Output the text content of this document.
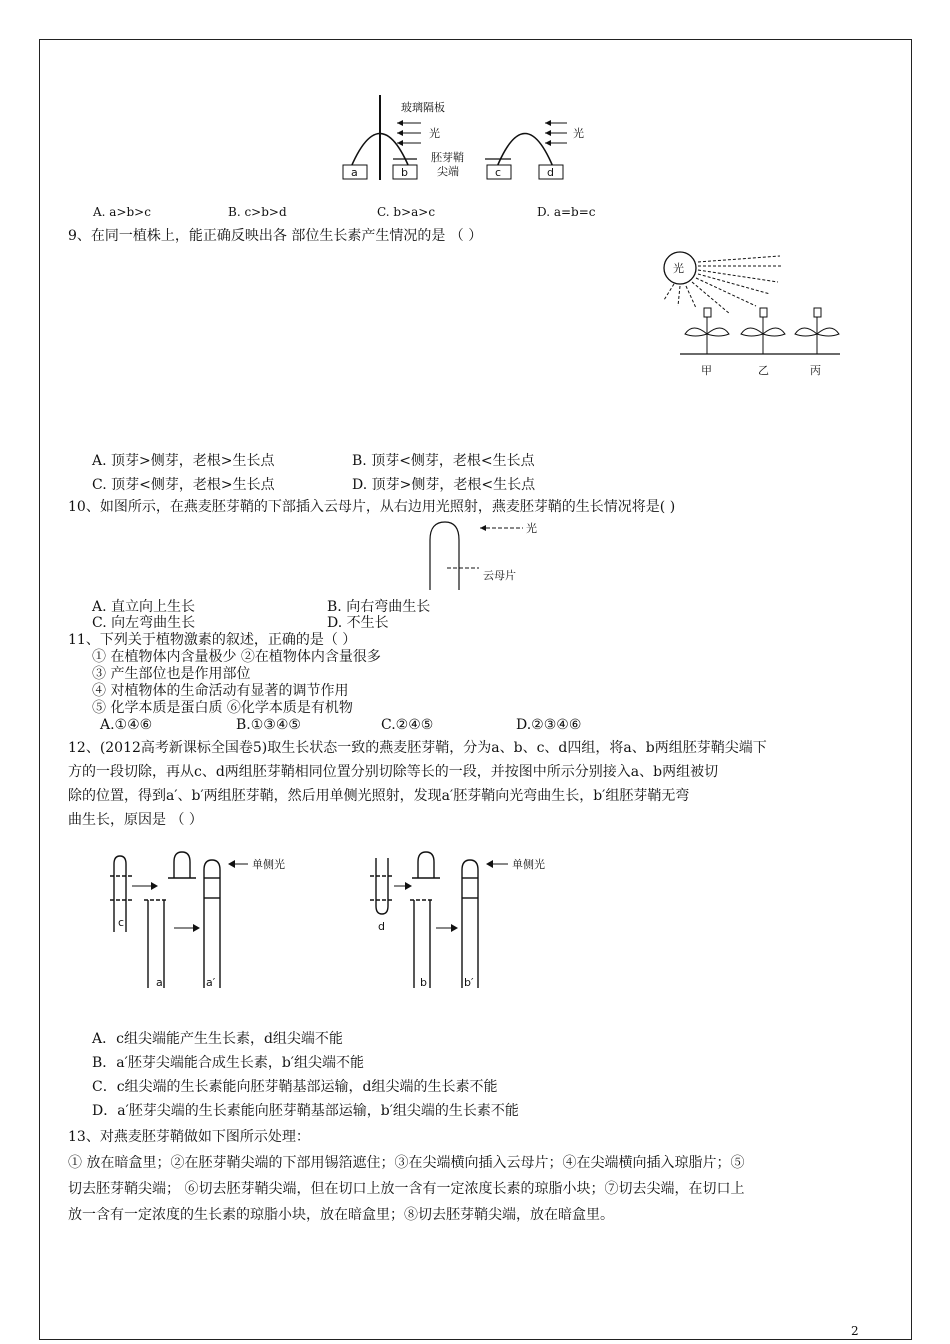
a	b
玻璃隔板
光
胚芽鞘
尖端	c	d
光
A. a>b>c	B. c>b>d	C. b>a>c	D. a=b=c
9、在同一植株上，能正确反映出各 部位生长素产生情况的是 （ ）
光
甲	乙	丙
A. 顶芽>侧芽，老根>生长点	B. 顶芽<侧芽，老根<生长点
C. 顶芽<侧芽，老根>生长点	D. 顶芽>侧芽，老根<生长点
10、如图所示，在燕麦胚芽鞘的下部插入云母片，从右边用光照射，燕麦胚芽鞘的生长情况将是( )
光
云母片
A. 直立向上生长	B. 向右弯曲生长
C. 向左弯曲生长	D. 不生长
11、下列关于植物激素的叙述，正确的是（ ）
① 在植物体内含量极少 ②在植物体内含量很多
③ 产生部位也是作用部位
④ 对植物体的生命活动有显著的调节作用
⑤ 化学本质是蛋白质 ⑥化学本质是有机物
A.①④⑥	B.①③④⑤	C.②④⑤	D.②③④⑥
12、(2012高考新课标全国卷5)取生长状态一致的燕麦胚芽鞘，分为a、b、c、d四组，将a、b两组胚芽鞘尖端下
方的一段切除，再从c、d两组胚芽鞘相同位置分别切除等长的一段，并按图中所示分别接入a、b两组被切
除的位置，得到a′、b′两组胚芽鞘，然后用单侧光照射，发现a′胚芽鞘向光弯曲生长，b′组胚芽鞘无弯
曲生长，原因是 （ ）
单侧光
c
a	a′
单侧光
d
b	b′
A．c组尖端能产生生长素，d组尖端不能
B．a′胚芽尖端能合成生长素，b′组尖端不能
C．c组尖端的生长素能向胚芽鞘基部运输，d组尖端的生长素不能
D．a′胚芽尖端的生长素能向胚芽鞘基部运输，b′组尖端的生长素不能
13、对燕麦胚芽鞘做如下图所示处理：
① 放在暗盒里；②在胚芽鞘尖端的下部用锡箔遮住；③在尖端横向插入云母片；④在尖端横向插入琼脂片；⑤
切去胚芽鞘尖端； ⑥切去胚芽鞘尖端，但在切口上放一含有一定浓度长素的琼脂小块；⑦切去尖端，在切口上
放一含有一定浓度的生长素的琼脂小块，放在暗盒里；⑧切去胚芽鞘尖端，放在暗盒里。
2
